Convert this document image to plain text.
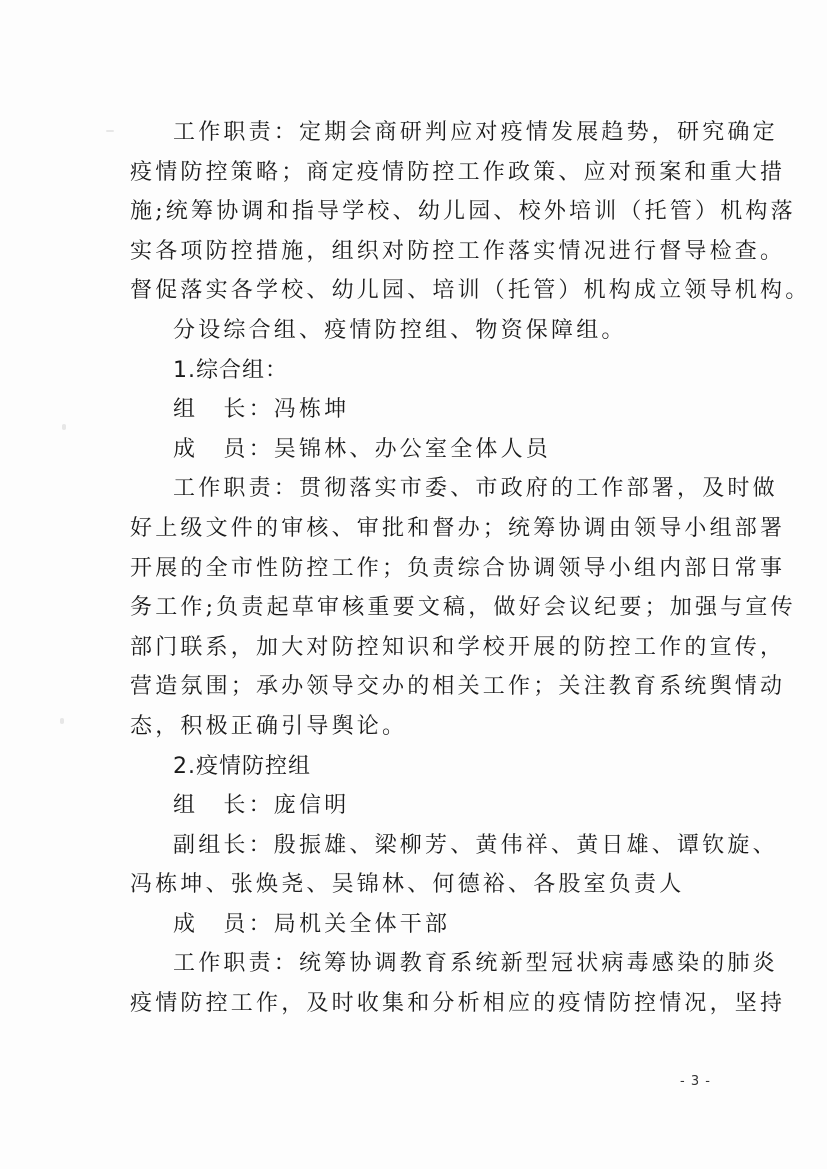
工作职责：定期会商研判应对疫情发展趋势，研究确定
疫情防控策略；商定疫情防控工作政策、应对预案和重大措
施;统筹协调和指导学校、幼儿园、校外培训（托管）机构落
实各项防控措施，组织对防控工作落实情况进行督导检查。
督促落实各学校、幼儿园、培训（托管）机构成立领导机构。
分设综合组、疫情防控组、物资保障组。
1.综合组：
组　长：冯栋坤
成　员：吴锦林、办公室全体人员
工作职责：贯彻落实市委、市政府的工作部署，及时做
好上级文件的审核、审批和督办；统筹协调由领导小组部署
开展的全市性防控工作；负责综合协调领导小组内部日常事
务工作;负责起草审核重要文稿，做好会议纪要；加强与宣传
部门联系，加大对防控知识和学校开展的防控工作的宣传，
营造氛围；承办领导交办的相关工作；关注教育系统舆情动
态，积极正确引导舆论。
2.疫情防控组
组　长：庞信明
副组长：殷振雄、梁柳芳、黄伟祥、黄日雄、谭钦旋、
冯栋坤、张焕尧、吴锦林、何德裕、各股室负责人
成　员：局机关全体干部
工作职责：统筹协调教育系统新型冠状病毒感染的肺炎
疫情防控工作，及时收集和分析相应的疫情防控情况，坚持
- 3 -
